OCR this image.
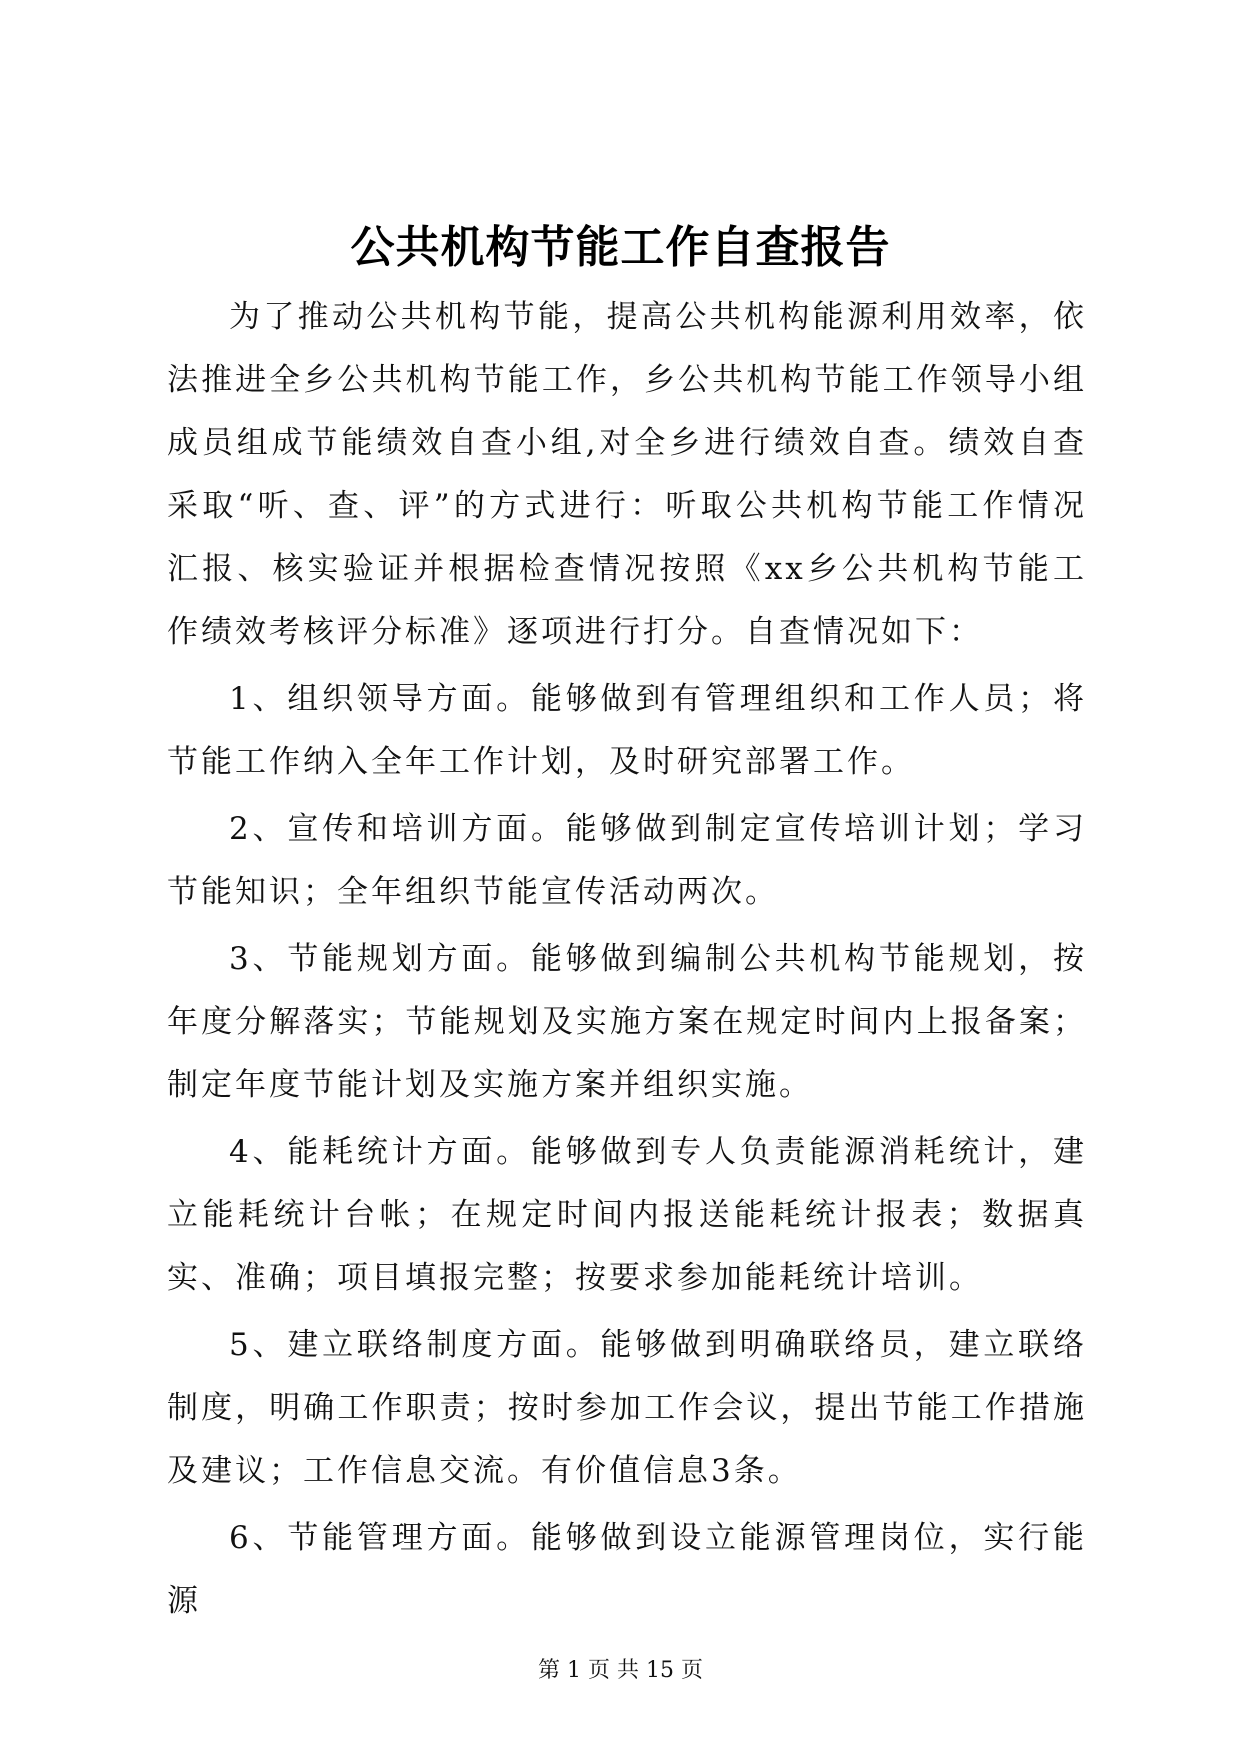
公共机构节能工作自查报告

为了推动公共机构节能，提高公共机构能源利用效率，依法推进全乡公共机构节能工作，乡公共机构节能工作领导小组成员组成节能绩效自查小组,对全乡进行绩效自查。绩效自查采取“听、查、评”的方式进行：听取公共机构节能工作情况汇报、核实验证并根据检查情况按照《xx乡公共机构节能工作绩效考核评分标准》逐项进行打分。自查情况如下：

1、组织领导方面。能够做到有管理组织和工作人员；将节能工作纳入全年工作计划，及时研究部署工作。

2、宣传和培训方面。能够做到制定宣传培训计划；学习节能知识；全年组织节能宣传活动两次。

3、节能规划方面。能够做到编制公共机构节能规划，按年度分解落实；节能规划及实施方案在规定时间内上报备案；制定年度节能计划及实施方案并组织实施。

4、能耗统计方面。能够做到专人负责能源消耗统计，建立能耗统计台帐；在规定时间内报送能耗统计报表；数据真实、准确；项目填报完整；按要求参加能耗统计培训。

5、建立联络制度方面。能够做到明确联络员，建立联络制度，明确工作职责；按时参加工作会议，提出节能工作措施及建议；工作信息交流。有价值信息3条。

6、节能管理方面。能够做到设立能源管理岗位，实行能源

第 1 页 共 15 页
